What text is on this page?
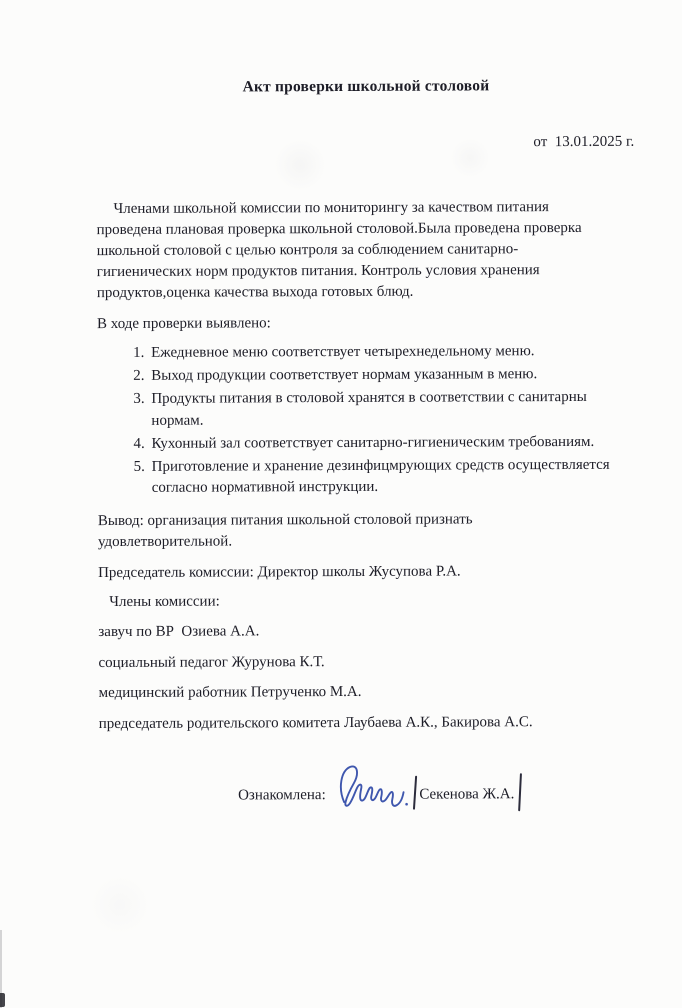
Акт проверки школьной столовой
от  13.01.2025 г.
Членами школьной комиссии по мониторингу за качеством питания
проведена плановая проверка школьной столовой.Была проведена проверка
школьной столовой с целью контроля за соблюдением санитарно-
гигиенических норм продуктов питания. Контроль условия хранения
продуктов,оценка качества выхода готовых блюд.
В ходе проверки выявлено:
1. Ежедневное меню соответствует четырехнедельному меню.
2. Выход продукции соответствует нормам указанным в меню.
3. Продукты питания в столовой хранятся в соответствии с санитарны
нормам.
4. Кухонный зал соответствует санитарно-гигиеническим требованиям.
5. Приготовление и хранение дезинфицмрующих средств осуществляется
согласно нормативной инструкции.
Вывод: организация питания школьной столовой признать
удовлетворительной.
Председатель комиссии: Директор школы Жусупова Р.А.
Члены комиссии:
завуч по ВР  Озиева А.А.
социальный педагог Журунова К.Т.
медицинский работник Петрученко М.А.
председатель родительского комитета Лаубаева А.К., Бакирова А.С.
Ознакомлена:	Секенова Ж.А.
